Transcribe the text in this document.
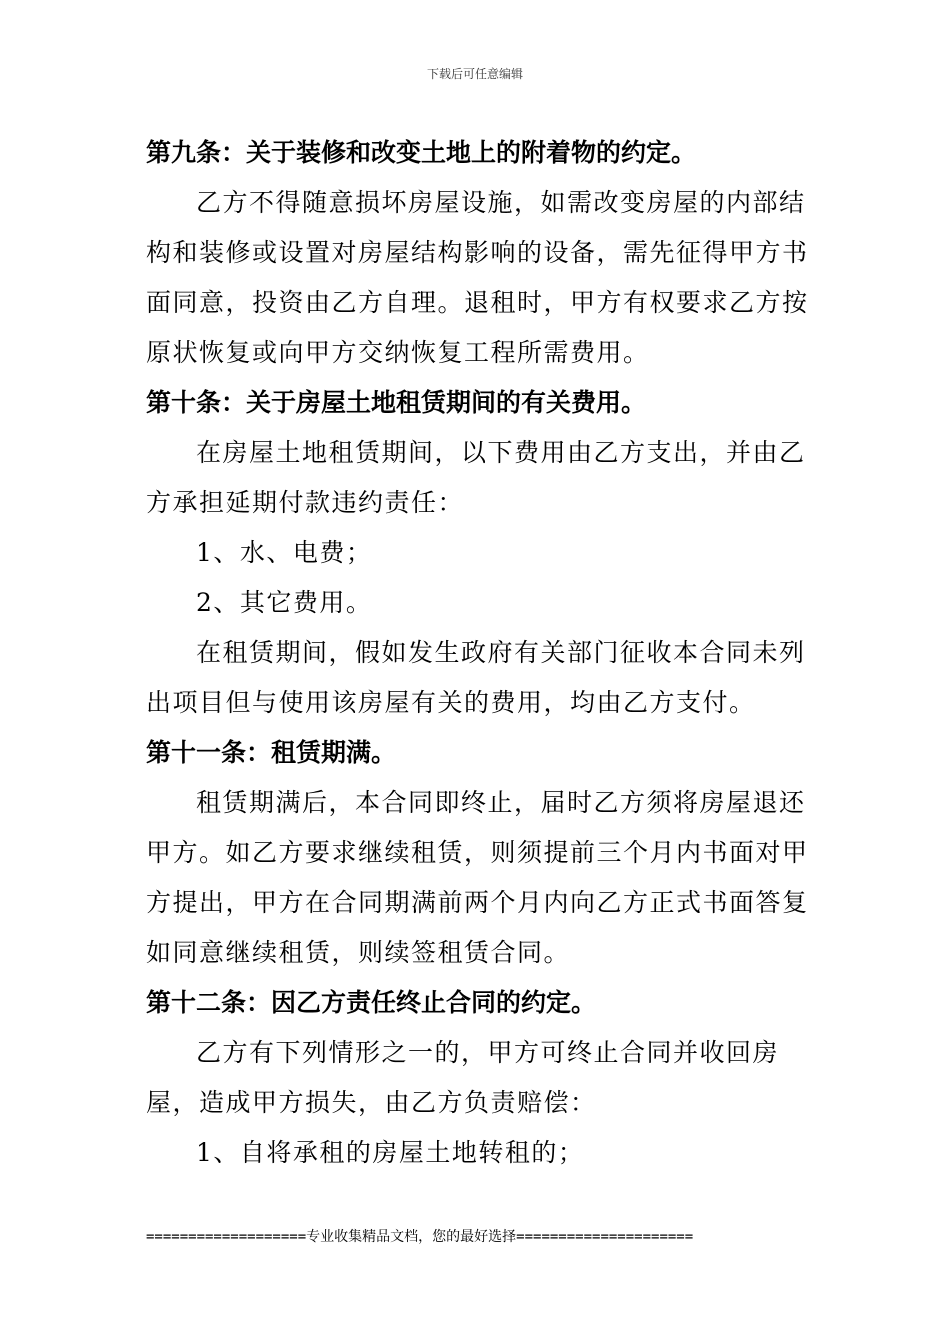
下载后可任意编辑

第九条：关于装修和改变土地上的附着物的约定。

乙方不得随意损坏房屋设施，如需改变房屋的内部结构和装修或设置对房屋结构影响的设备，需先征得甲方书面同意，投资由乙方自理。退租时，甲方有权要求乙方按原状恢复或向甲方交纳恢复工程所需费用。

第十条：关于房屋土地租赁期间的有关费用。

在房屋土地租赁期间，以下费用由乙方支出，并由乙方承担延期付款违约责任：

1、水、电费；

2、其它费用。

在租赁期间，假如发生政府有关部门征收本合同未列出项目但与使用该房屋有关的费用，均由乙方支付。

第十一条：租赁期满。

租赁期满后，本合同即终止，届时乙方须将房屋退还甲方。如乙方要求继续租赁，则须提前三个月内书面对甲方提出，甲方在合同期满前两个月内向乙方正式书面答复如同意继续租赁，则续签租赁合同。

第十二条：因乙方责任终止合同的约定。

乙方有下列情形之一的，甲方可终止合同并收回房屋，造成甲方损失，由乙方负责赔偿：

1、自将承租的房屋土地转租的；

===================专业收集精品文档，您的最好选择=====================
